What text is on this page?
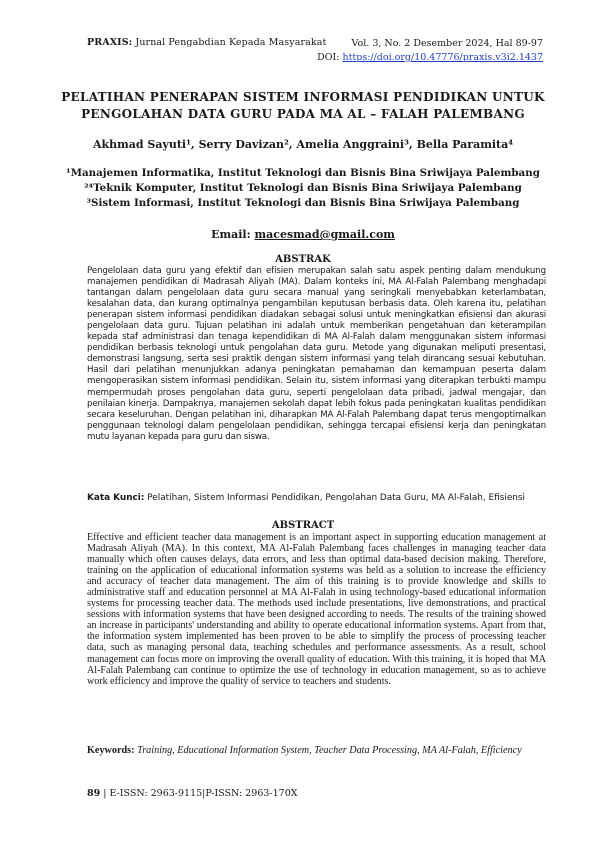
PRAXIS: Jurnal Pengabdian Kepada Masyarakat	Vol. 3, No. 2 Desember 2024, Hal 89-97
DOI: https://doi.org/10.47776/praxis.v3i2.1437
PELATIHAN PENERAPAN SISTEM INFORMASI PENDIDIKAN UNTUK
PENGOLAHAN DATA GURU PADA MA AL – FALAH PALEMBANG
Akhmad Sayuti¹, Serry Davizan², Amelia Anggraini³, Bella Paramita⁴
¹Manajemen Informatika, Institut Teknologi dan Bisnis Bina Sriwijaya Palembang
²⁴Teknik Komputer, Institut Teknologi dan Bisnis Bina Sriwijaya Palembang
³Sistem Informasi, Institut Teknologi dan Bisnis Bina Sriwijaya Palembang
Email: macesmad@gmail.com
ABSTRAK
Pengelolaan data guru yang efektif dan efisien merupakan salah satu aspek penting dalam mendukung manajemen pendidikan di Madrasah Aliyah (MA). Dalam konteks ini, MA Al-Falah Palembang menghadapi tantangan dalam pengelolaan data guru secara manual yang seringkali menyebabkan keterlambatan, kesalahan data, dan kurang optimalnya pengambilan keputusan berbasis data. Oleh karena itu, pelatihan penerapan sistem informasi pendidikan diadakan sebagai solusi untuk meningkatkan efisiensi dan akurasi pengelolaan data guru. Tujuan pelatihan ini adalah untuk memberikan pengetahuan dan keterampilan kepada staf administrasi dan tenaga kependidikan di MA Al-Falah dalam menggunakan sistem informasi pendidikan berbasis teknologi untuk pengolahan data guru. Metode yang digunakan meliputi presentasi, demonstrasi langsung, serta sesi praktik dengan sistem informasi yang telah dirancang sesuai kebutuhan. Hasil dari pelatihan menunjukkan adanya peningkatan pemahaman dan kemampuan peserta dalam mengoperasikan sistem informasi pendidikan. Selain itu, sistem informasi yang diterapkan terbukti mampu mempermudah proses pengolahan data guru, seperti pengelolaan data pribadi, jadwal mengajar, dan penilaian kinerja. Dampaknya, manajemen sekolah dapat lebih fokus pada peningkatan kualitas pendidikan secara keseluruhan. Dengan pelatihan ini, diharapkan MA Al-Falah Palembang dapat terus mengoptimalkan penggunaan teknologi dalam pengelolaan pendidikan, sehingga tercapai efisiensi kerja dan peningkatan mutu layanan kepada para guru dan siswa.
Kata Kunci: Pelatihan, Sistem Informasi Pendidikan, Pengolahan Data Guru, MA Al-Falah, Efisiensi
ABSTRACT
Effective and efficient teacher data management is an important aspect in supporting education management at Madrasah Aliyah (MA). In this context, MA Al-Falah Palembang faces challenges in managing teacher data manually which often causes delays, data errors, and less than optimal data-based decision making. Therefore, training on the application of educational information systems was held as a solution to increase the efficiency and accuracy of teacher data management. The aim of this training is to provide knowledge and skills to administrative staff and education personnel at MA Al-Falah in using technology-based educational information systems for processing teacher data. The methods used include presentations, live demonstrations, and practical sessions with information systems that have been designed according to needs. The results of the training showed an increase in participants' understanding and ability to operate educational information systems. Apart from that, the information system implemented has been proven to be able to simplify the process of processing teacher data, such as managing personal data, teaching schedules and performance assessments. As a result, school management can focus more on improving the overall quality of education. With this training, it is hoped that MA Al-Falah Palembang can continue to optimize the use of technology in education management, so as to achieve work efficiency and improve the quality of service to teachers and students.
Keywords: Training, Educational Information System, Teacher Data Processing, MA Al-Falah, Efficiency
89 | E-ISSN: 2963-9115|P-ISSN: 2963-170X
